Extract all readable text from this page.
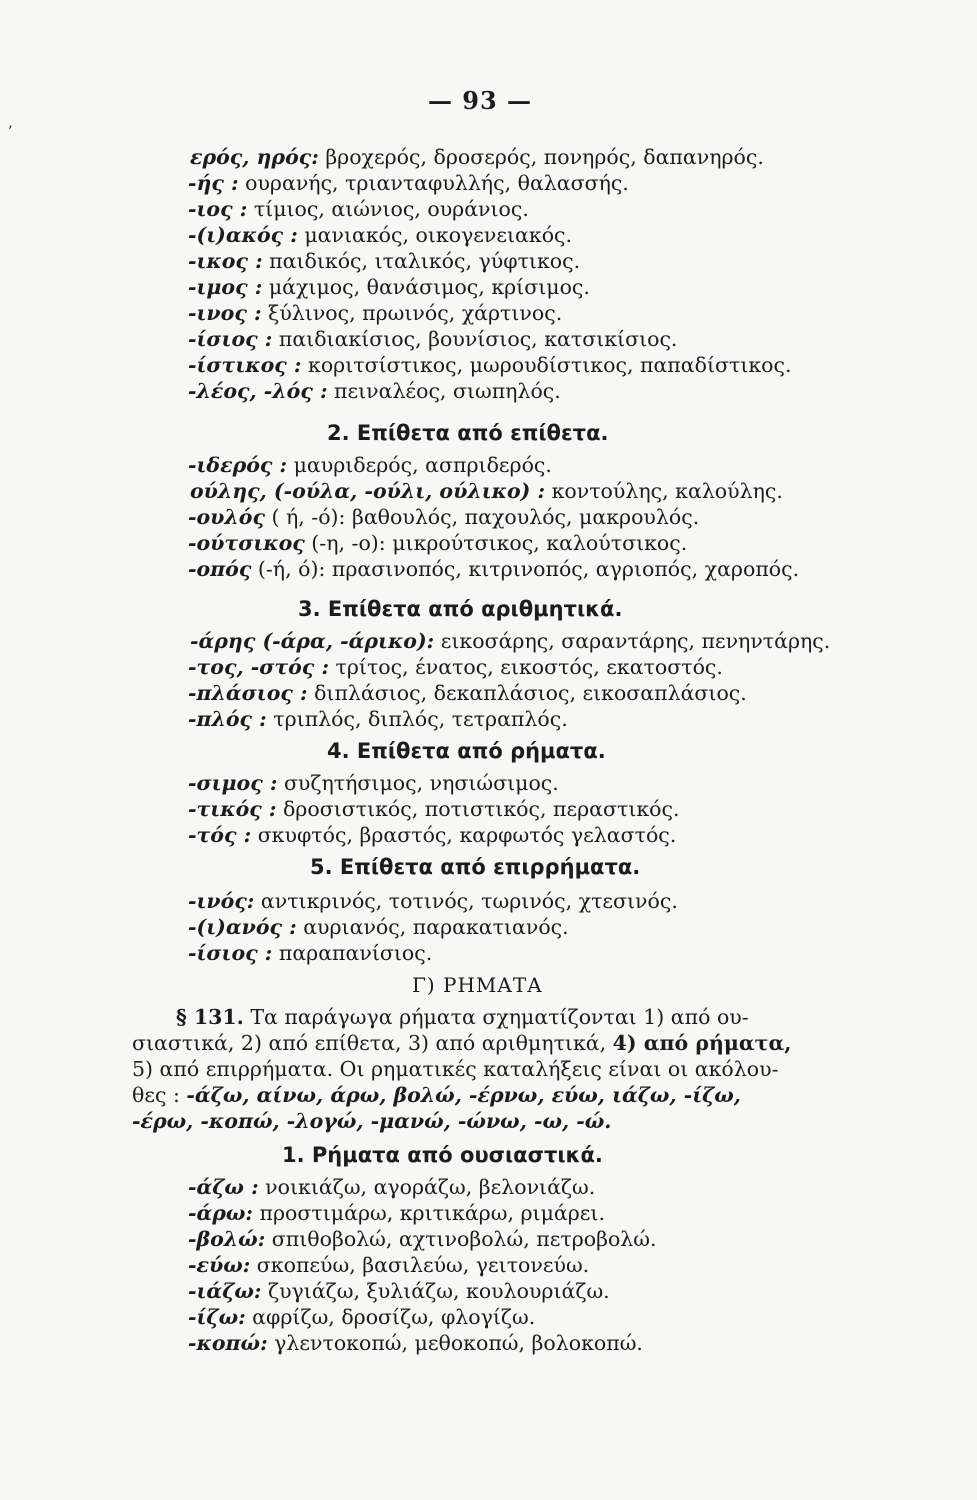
’
— 93 —
ερός, ηρός: βροχερός, δροσερός, πονηρός, δαπανηρός.
-ής : ουρανής, τριανταφυλλής, θαλασσής.
-ιος : τίμιος, αιώνιος, ουράνιος.
-(ι)ακός : μανιακός, οικογενειακός.
-ικος : παιδικός, ιταλικός, γύφτικος.
-ιμος : μάχιμος, θανάσιμος, κρίσιμος.
-ινος : ξύλινος, πρωινός, χάρτινος.
-ίσιος : παιδιακίσιος, βουνίσιος, κατσικίσιος.
-ίστικος : κοριτσίστικος, μωρουδίστικος, παπαδίστικος.
-λέος, -λός : πειναλέος, σιωπηλός.
2. Επίθετα από επίθετα.
-ιδερός : μαυριδερός, ασπριδερός.
ούλης, (-ούλα, -ούλι, ούλικο) : κοντούλης, καλούλης.
-ουλός ( ή, -ό): βαθουλός, παχουλός, μακρουλός.
-ούτσικος (-η, -ο): μικρούτσικος, καλούτσικος.
-οπός (-ή, ό): πρασινοπός, κιτρινοπός, αγριοπός, χαροπός.
3. Επίθετα από αριθμητικά.
-άρης (-άρα, -άρικο): εικοσάρης, σαραντάρης, πενηντάρης.
-τος, -στός : τρίτος, ένατος, εικοστός, εκατοστός.
-πλάσιος : διπλάσιος, δεκαπλάσιος, εικοσαπλάσιος.
-πλός : τριπλός, διπλός, τετραπλός.
4. Επίθετα από ρήματα.
-σιμος : συζητήσιμος, νησιώσιμος.
-τικός : δροσιστικός, ποτιστικός, περαστικός.
-τός : σκυφτός, βραστός, καρφωτός γελαστός.
5. Επίθετα από επιρρήματα.
-ινός: αντικρινός, τοτινός, τωρινός, χτεσινός.
-(ι)ανός : αυριανός, παρακατιανός.
-ίσιος : παραπανίσιος.
Γ) ΡΗΜΑΤΑ
§ 131. Τα παράγωγα ρήματα σχηματίζονται 1) από ου-
σιαστικά, 2) από επίθετα, 3) από αριθμητικά, 4) από ρήματα,
5) από επιρρήματα. Οι ρηματικές καταλήξεις είναι οι ακόλου-
θες : -άζω, αίνω, άρω, βολώ, -έρνω, εύω, ιάζω, -ίζω,
-έρω, -κοπώ, -λογώ, -μανώ, -ώνω, -ω, -ώ.
1. Ρήματα από ουσιαστικά.
-άζω : νοικιάζω, αγοράζω, βελονιάζω.
-άρω: προστιμάρω, κριτικάρω, ριμάρει.
-βολώ: σπιθοβολώ, αχτινοβολώ, πετροβολώ.
-εύω: σκοπεύω, βασιλεύω, γειτονεύω.
-ιάζω: ζυγιάζω, ξυλιάζω, κουλουριάζω.
-ίζω: αφρίζω, δροσίζω, φλογίζω.
-κοπώ: γλεντοκοπώ, μεθοκοπώ, βολοκοπώ.
